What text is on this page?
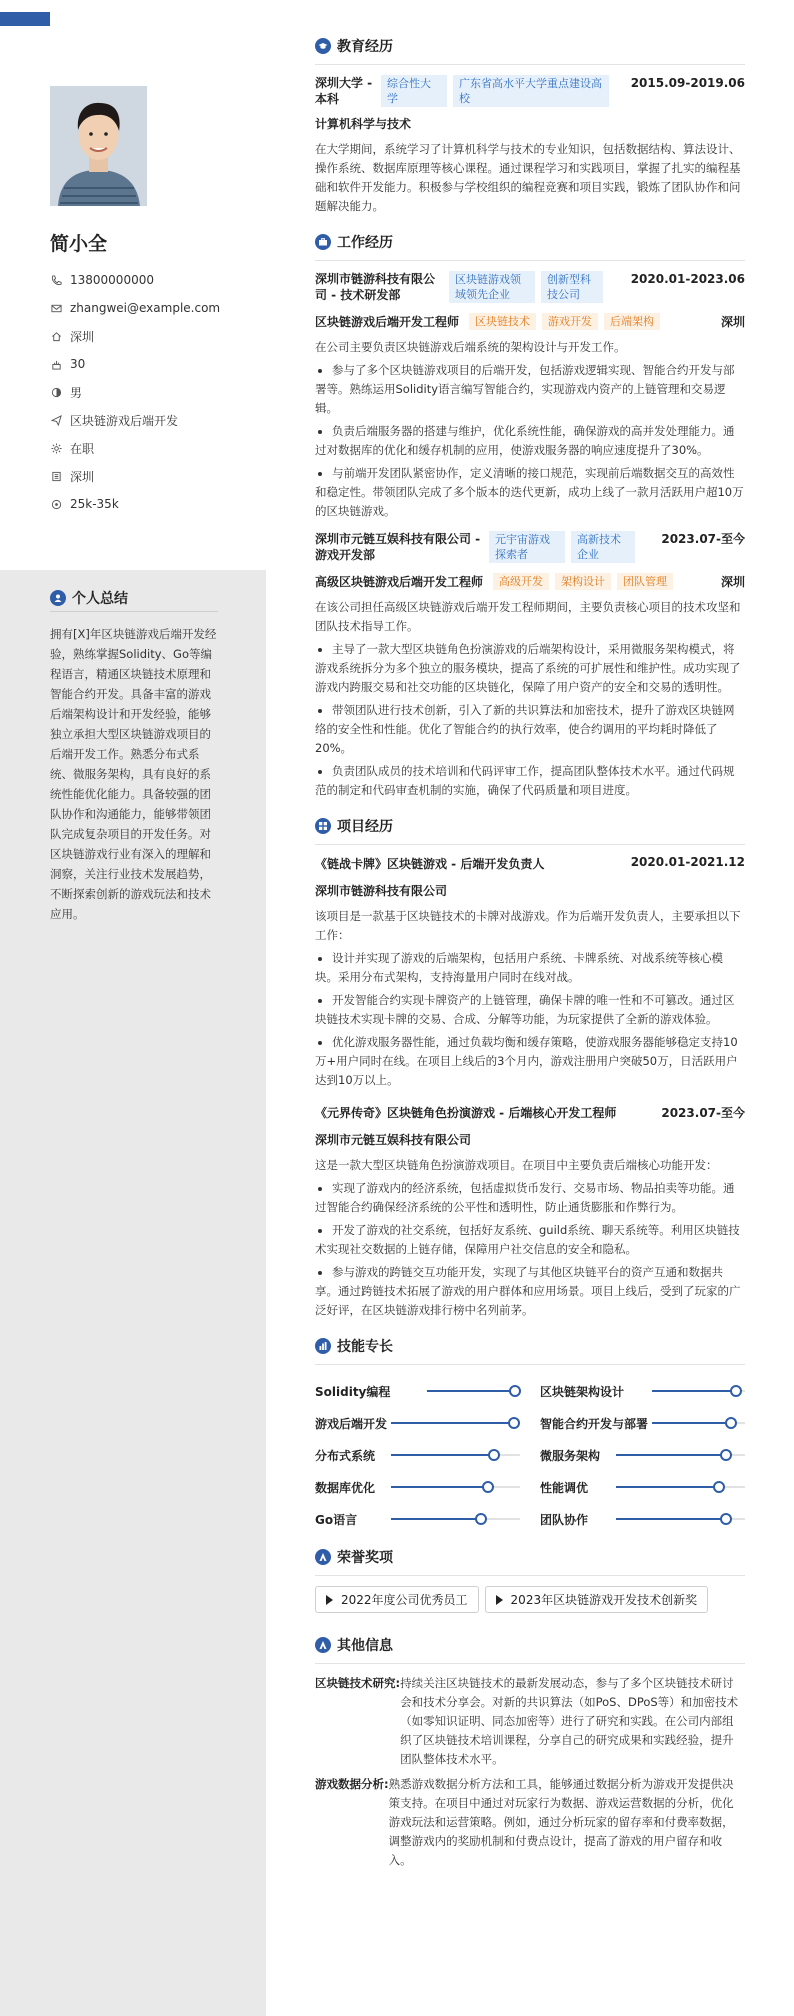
简小全
13800000000
zhangwei@example.com
深圳
30
男
区块链游戏后端开发
在职
深圳
25k-35k
个人总结
拥有[X]年区块链游戏后端开发经验，熟练掌握Solidity、Go等编程语言，精通区块链技术原理和智能合约开发。具备丰富的游戏后端架构设计和开发经验，能够独立承担大型区块链游戏项目的后端开发工作。熟悉分布式系统、微服务架构，具有良好的系统性能优化能力。具备较强的团队协作和沟通能力，能够带领团队完成复杂项目的开发任务。对区块链游戏行业有深入的理解和洞察，关注行业技术发展趋势，不断探索创新的游戏玩法和技术应用。
教育经历
深圳大学 - 本科
综合性大学
广东省高水平大学重点建设高校
2015.09-2019.06
计算机科学与技术
在大学期间，系统学习了计算机科学与技术的专业知识，包括数据结构、算法设计、操作系统、数据库原理等核心课程。通过课程学习和实践项目，掌握了扎实的编程基础和软件开发能力。积极参与学校组织的编程竞赛和项目实践，锻炼了团队协作和问题解决能力。
工作经历
深圳市链游科技有限公司 - 技术研发部
区块链游戏领域领先企业
创新型科技公司
2020.01-2023.06
区块链游戏后端开发工程师	区块链技术	游戏开发	后端架构	深圳
在公司主要负责区块链游戏后端系统的架构设计与开发工作。
参与了多个区块链游戏项目的后端开发，包括游戏逻辑实现、智能合约开发与部署等。熟练运用Solidity语言编写智能合约，实现游戏内资产的上链管理和交易逻辑。
负责后端服务器的搭建与维护，优化系统性能，确保游戏的高并发处理能力。通过对数据库的优化和缓存机制的应用，使游戏服务器的响应速度提升了30%。
与前端开发团队紧密协作，定义清晰的接口规范，实现前后端数据交互的高效性和稳定性。带领团队完成了多个版本的迭代更新，成功上线了一款月活跃用户超10万的区块链游戏。
深圳市元链互娱科技有限公司 - 游戏开发部
元宇宙游戏探索者
高新技术企业
2023.07-至今
高级区块链游戏后端开发工程师	高级开发	架构设计	团队管理	深圳
在该公司担任高级区块链游戏后端开发工程师期间，主要负责核心项目的技术攻坚和团队技术指导工作。
主导了一款大型区块链角色扮演游戏的后端架构设计，采用微服务架构模式，将游戏系统拆分为多个独立的服务模块，提高了系统的可扩展性和维护性。成功实现了游戏内跨服交易和社交功能的区块链化，保障了用户资产的安全和交易的透明性。
带领团队进行技术创新，引入了新的共识算法和加密技术，提升了游戏区块链网络的安全性和性能。优化了智能合约的执行效率，使合约调用的平均耗时降低了20%。
负责团队成员的技术培训和代码评审工作，提高团队整体技术水平。通过代码规范的制定和代码审查机制的实施，确保了代码质量和项目进度。
项目经历
《链战卡牌》区块链游戏 - 后端开发负责人	2020.01-2021.12
深圳市链游科技有限公司
该项目是一款基于区块链技术的卡牌对战游戏。作为后端开发负责人，主要承担以下工作：
设计并实现了游戏的后端架构，包括用户系统、卡牌系统、对战系统等核心模块。采用分布式架构，支持海量用户同时在线对战。
开发智能合约实现卡牌资产的上链管理，确保卡牌的唯一性和不可篡改。通过区块链技术实现卡牌的交易、合成、分解等功能，为玩家提供了全新的游戏体验。
优化游戏服务器性能，通过负载均衡和缓存策略，使游戏服务器能够稳定支持10万+用户同时在线。在项目上线后的3个月内，游戏注册用户突破50万，日活跃用户达到10万以上。
《元界传奇》区块链角色扮演游戏 - 后端核心开发工程师	2023.07-至今
深圳市元链互娱科技有限公司
这是一款大型区块链角色扮演游戏项目。在项目中主要负责后端核心功能开发：
实现了游戏内的经济系统，包括虚拟货币发行、交易市场、物品拍卖等功能。通过智能合约确保经济系统的公平性和透明性，防止通货膨胀和作弊行为。
开发了游戏的社交系统，包括好友系统、guild系统、聊天系统等。利用区块链技术实现社交数据的上链存储，保障用户社交信息的安全和隐私。
参与游戏的跨链交互功能开发，实现了与其他区块链平台的资产互通和数据共享。通过跨链技术拓展了游戏的用户群体和应用场景。项目上线后，受到了玩家的广泛好评，在区块链游戏排行榜中名列前茅。
技能专长
Solidity编程	区块链架构设计
游戏后端开发	智能合约开发与部署
分布式系统	微服务架构
数据库优化	性能调优
Go语言	团队协作
荣誉奖项
2022年度公司优秀员工	2023年区块链游戏开发技术创新奖
其他信息
区块链技术研究: 持续关注区块链技术的最新发展动态，参与了多个区块链技术研讨会和技术分享会。对新的共识算法（如PoS、DPoS等）和加密技术（如零知识证明、同态加密等）进行了研究和实践。在公司内部组织了区块链技术培训课程，分享自己的研究成果和实践经验，提升团队整体技术水平。
游戏数据分析: 熟悉游戏数据分析方法和工具，能够通过数据分析为游戏开发提供决策支持。在项目中通过对玩家行为数据、游戏运营数据的分析，优化游戏玩法和运营策略。例如，通过分析玩家的留存率和付费率数据，调整游戏内的奖励机制和付费点设计，提高了游戏的用户留存和收入。
